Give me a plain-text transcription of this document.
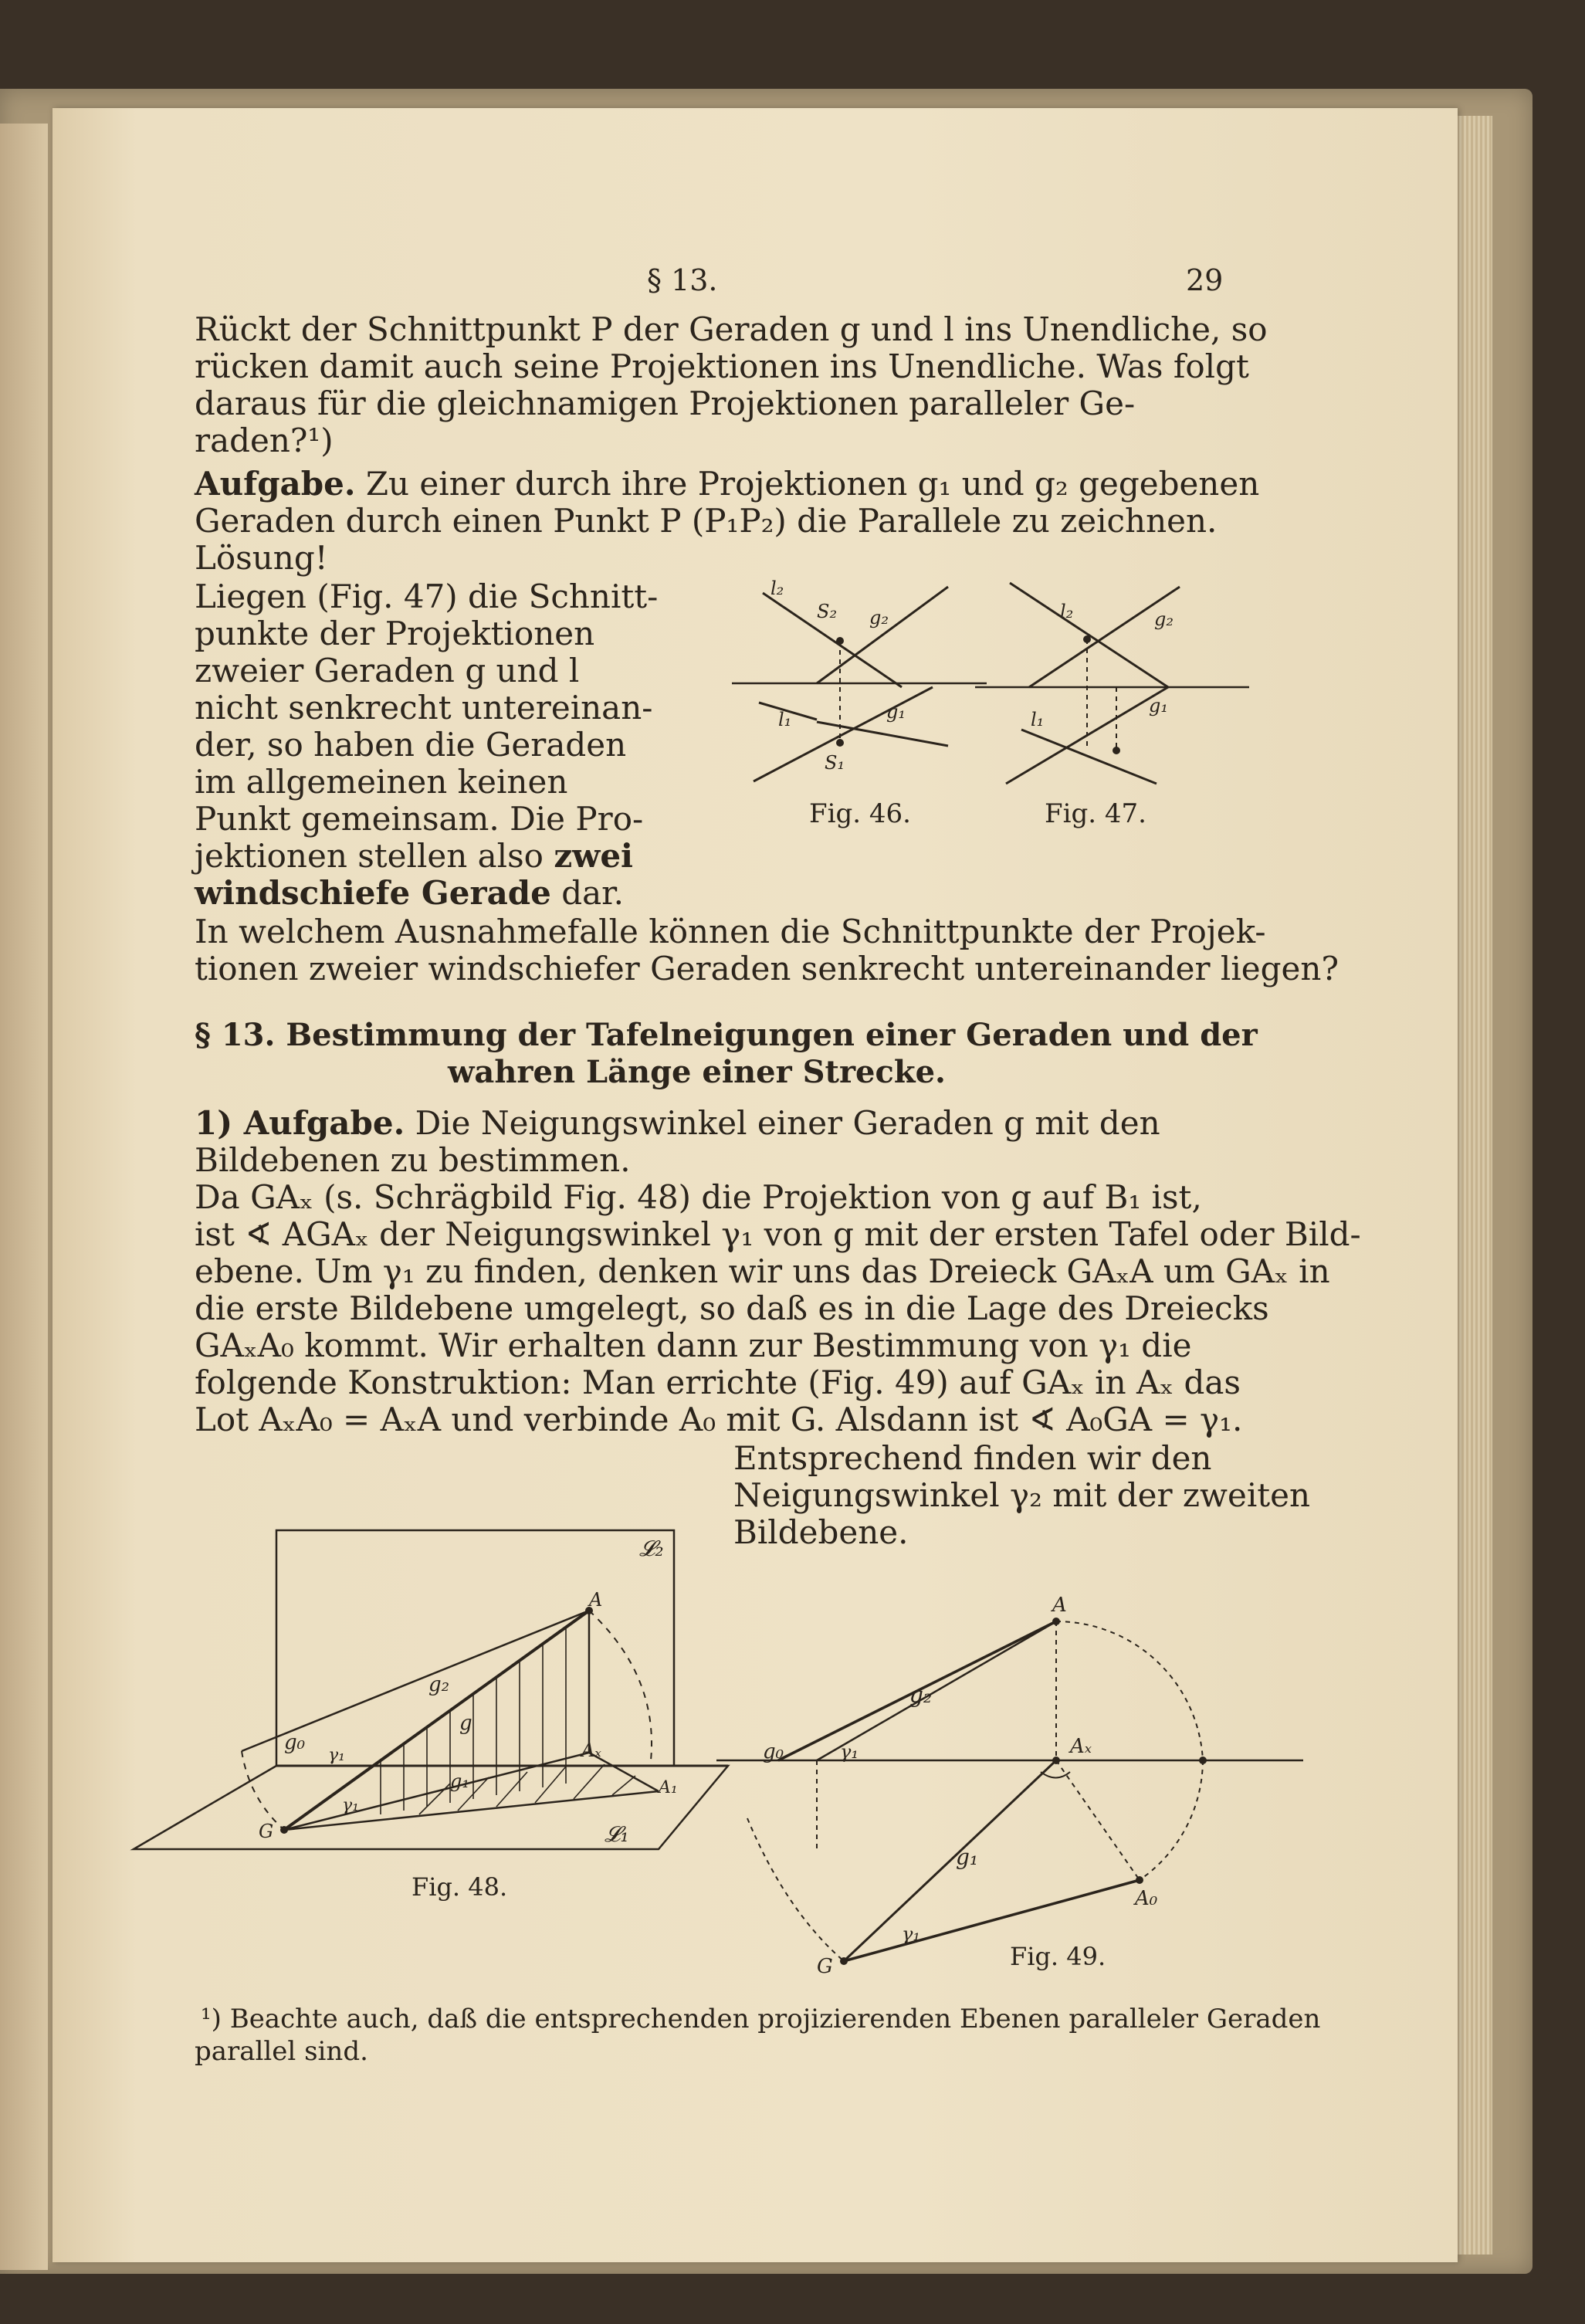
§ 13.	29
Rückt der Schnittpunkt P der Geraden g und l ins Unendliche, so
rücken damit auch seine Projektionen ins Unendliche. Was folgt
daraus für die gleichnamigen Projektionen paralleler Ge-
raden?¹)
Aufgabe. Zu einer durch ihre Projektionen g₁ und g₂ gegebenen
Geraden durch einen Punkt P (P₁P₂) die Parallele zu zeichnen.
Lösung!
Liegen (Fig. 47) die Schnitt-
punkte der Projektionen
zweier Geraden g und l
nicht senkrecht untereinan-
der, so haben die Geraden
im allgemeinen keinen
Punkt gemeinsam. Die Pro-
jektionen stellen also zwei
windschiefe Gerade dar.
S₂
l₂
g₂
l₁	g₁
S₁
Fig. 46.
l₂	g₂
l₁
g₁
Fig. 47.
In welchem Ausnahmefalle können die Schnittpunkte der Projek-
tionen zweier windschiefer Geraden senkrecht untereinander liegen?
§ 13. Bestimmung der Tafelneigungen einer Geraden und der
wahren Länge einer Strecke.
1) Aufgabe. Die Neigungswinkel einer Geraden g mit den
Bildebenen zu bestimmen.
Da GAₓ (s. Schrägbild Fig. 48) die Projektion von g auf B₁ ist,
ist ∢ AGAₓ der Neigungswinkel γ₁ von g mit der ersten Tafel oder Bild-
ebene. Um γ₁ zu finden, denken wir uns das Dreieck GAₓA um GAₓ in
die erste Bildebene umgelegt, so daß es in die Lage des Dreiecks
GAₓA₀ kommt. Wir erhalten dann zur Bestimmung von γ₁ die
folgende Konstruktion: Man errichte (Fig. 49) auf GAₓ in Aₓ das
Lot AₓA₀ = AₓA und verbinde A₀ mit G. Alsdann ist ∢ A₀GA = γ₁.
Entsprechend finden wir den
Neigungswinkel γ₂ mit der zweiten
Bildebene.
𝓛₂
A
Aₓ
A₁
G
g₀
γ₁
γ₁
g₂
g
g₁
𝓛₁
Fig. 48.
A
Aₓ
A₀
G
g₀	γ₁
g₂
g₁
γ₁
Fig. 49.
¹) Beachte auch, daß die entsprechenden projizierenden Ebenen paralleler Geraden
parallel sind.
